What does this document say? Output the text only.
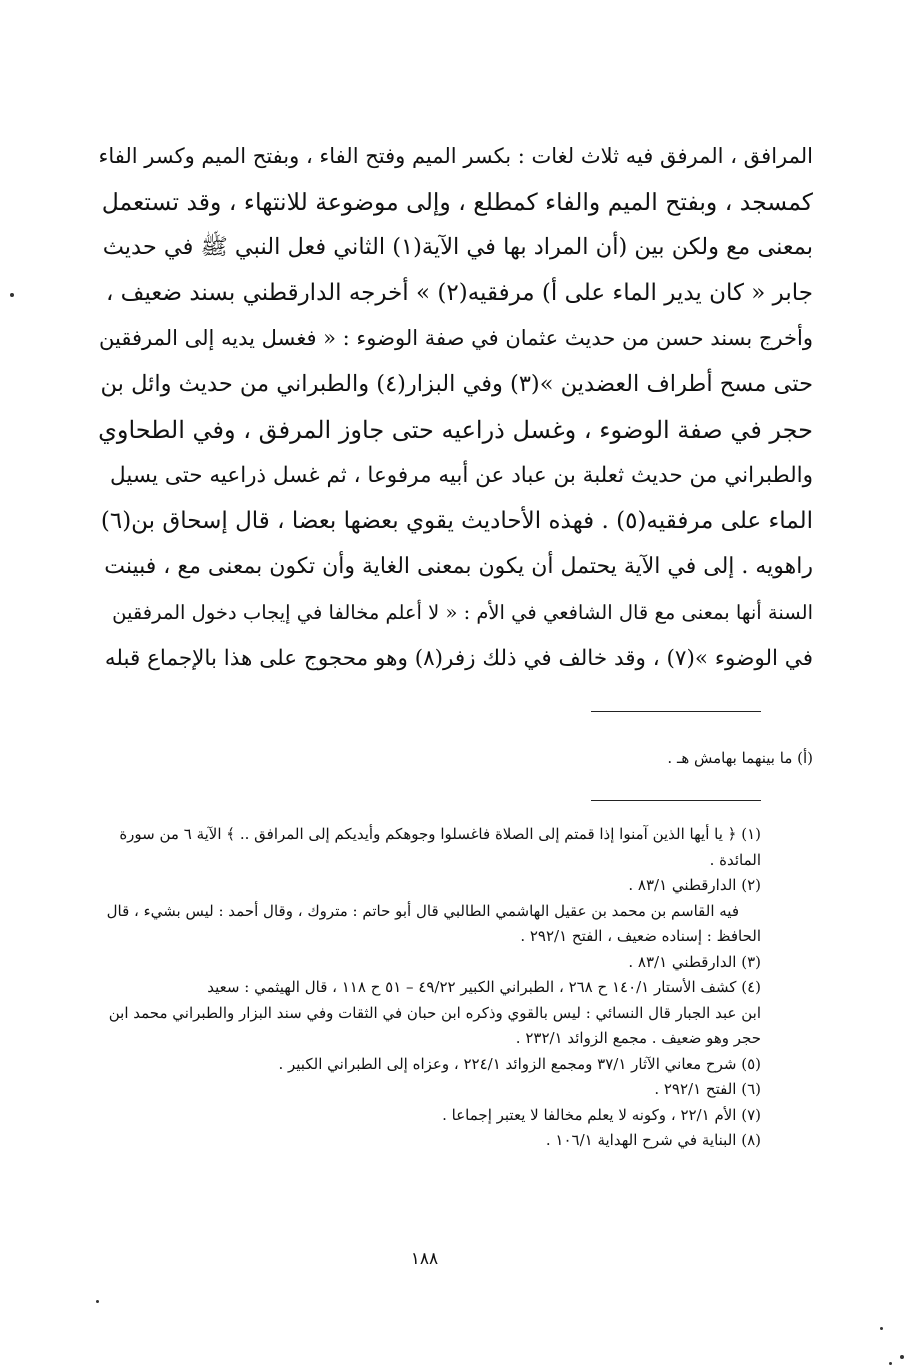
المرافق ، المرفق فيه ثلاث لغات : بكسر الميم وفتح الفاء ، وبفتح الميم وكسر الفاء
كمسجد ، وبفتح الميم والفاء كمطلع ، وإلى موضوعة للانتهاء ، وقد تستعمل
بمعنى مع ولكن بين (أن المراد بها في الآية(١) الثاني فعل النبي ﷺ في حديث
جابر « كان يدير الماء على أ) مرفقيه(٢) » أخرجه الدارقطني بسند ضعيف ،
وأخرج بسند حسن من حديث عثمان في صفة الوضوء : « فغسل يديه إلى المرفقين
حتى مسح أطراف العضدين »(٣) وفي البزار(٤) والطبراني من حديث وائل بن
حجر في صفة الوضوء ، وغسل ذراعيه حتى جاوز المرفق ، وفي الطحاوي
والطبراني من حديث ثعلبة بن عباد عن أبيه مرفوعا ، ثم غسل ذراعيه حتى يسيل
الماء على مرفقيه(٥) . فهذه الأحاديث يقوي بعضها بعضا ، قال إسحاق بن(٦)
راهويه . إلى في الآية يحتمل أن يكون بمعنى الغاية وأن تكون بمعنى مع ، فبينت
السنة أنها بمعنى مع قال الشافعي في الأم : « لا أعلم مخالفا في إيجاب دخول المرفقين
في الوضوء »(٧) ، وقد خالف في ذلك زفر(٨) وهو محجوج على هذا بالإجماع قبله
(أ) ما بينهما بهامش هـ .
(١) ﴿ يا أيها الذين آمنوا إذا قمتم إلى الصلاة فاغسلوا وجوهكم وأيديكم إلى المرافق .. ﴾ الآية ٦ من سورة
المائدة .
(٢) الدارقطني ٨٣/١ .
فيه القاسم بن محمد بن عقيل الهاشمي الطالبي قال أبو حاتم : متروك ، وقال أحمد : ليس بشيء ، قال
الحافظ : إسناده ضعيف ، الفتح ٢٩٢/١ .
(٣) الدارقطني ٨٣/١ .
(٤) كشف الأستار ١٤٠/١ ح ٢٦٨ ، الطبراني الكبير ٤٩/٢٢ – ٥١ ح ١١٨ ، قال الهيثمي : سعيد
ابن عبد الجبار قال النسائي : ليس بالقوي وذكره ابن حبان في الثقات وفي سند البزار والطبراني محمد ابن
حجر وهو ضعيف . مجمع الزوائد ٢٣٢/١ .
(٥) شرح معاني الآثار ٣٧/١ ومجمع الزوائد ٢٢٤/١ ، وعزاه إلى الطبراني الكبير .
(٦) الفتح ٢٩٢/١ .
(٧) الأم ٢٢/١ ، وكونه لا يعلم مخالفا لا يعتبر إجماعا .
(٨) البناية في شرح الهداية ١٠٦/١ .
١٨٨
